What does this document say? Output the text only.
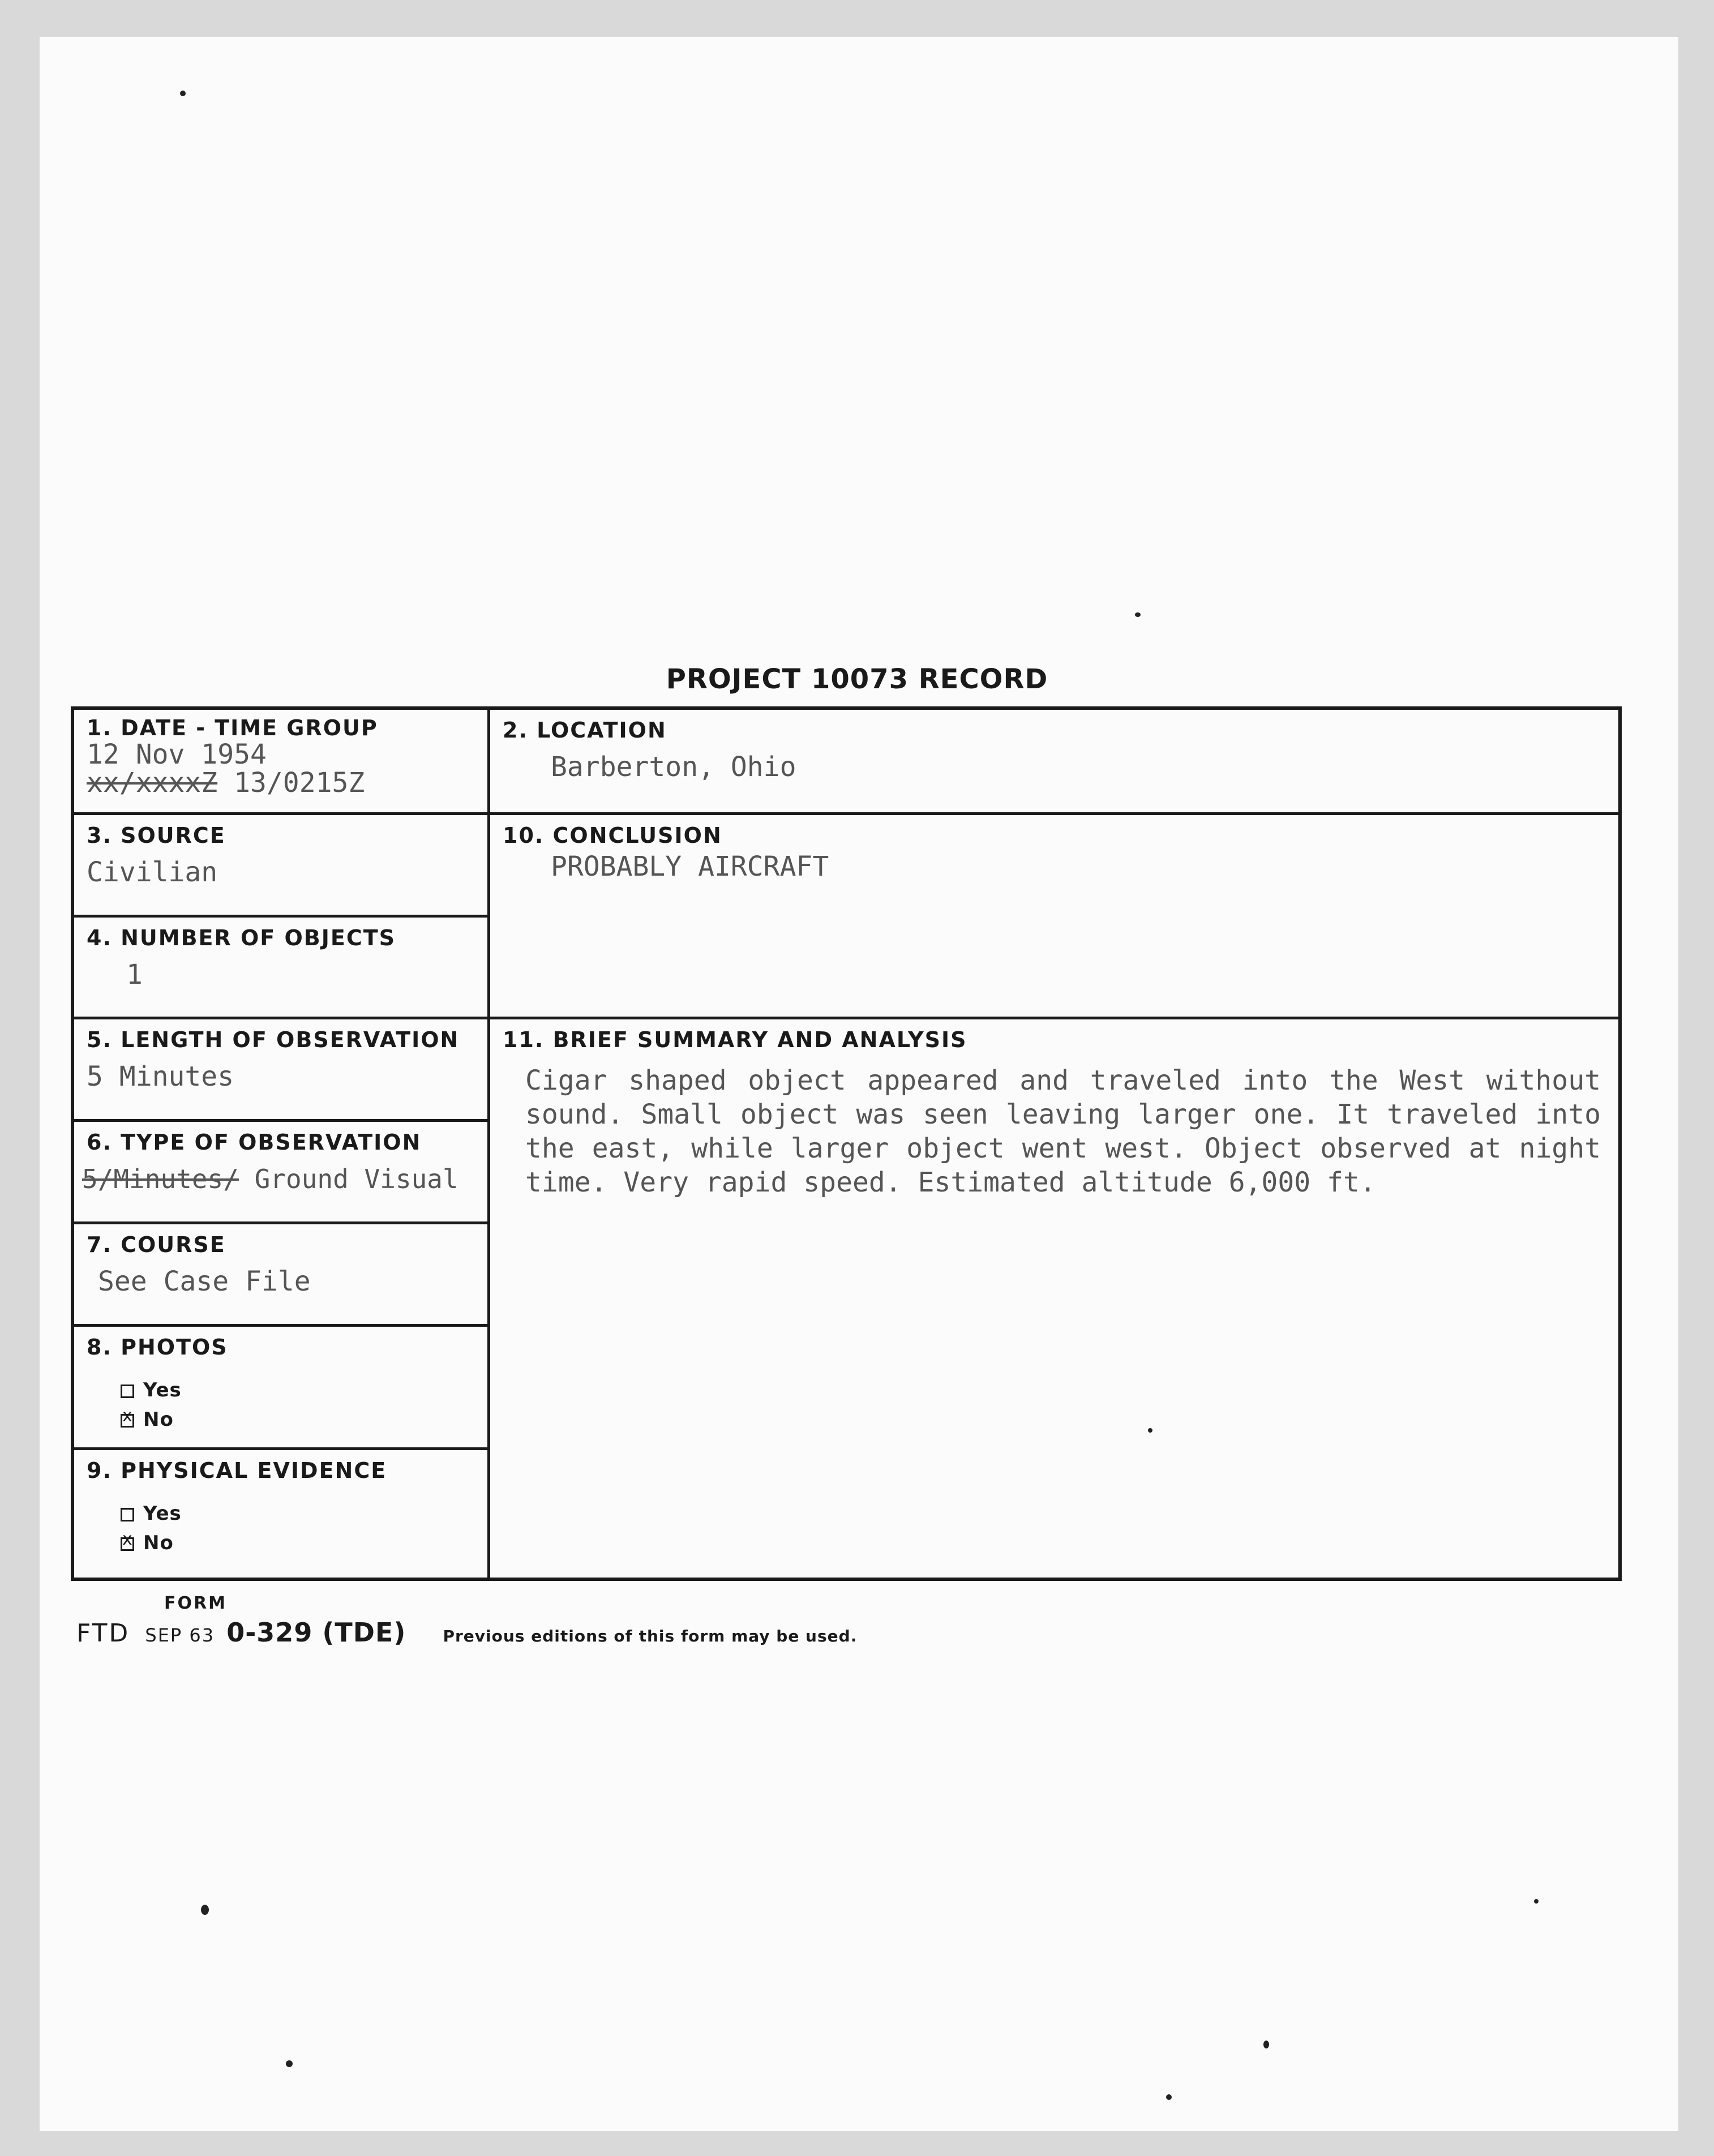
PROJECT 10073 RECORD
1. DATE - TIME GROUP
12 Nov 1954
xx/xxxxZ 13/0215Z
2. LOCATION
Barberton, Ohio
3. SOURCE
Civilian
10. CONCLUSION
PROBABLY AIRCRAFT
4. NUMBER OF OBJECTS
1
5. LENGTH OF OBSERVATION
5 Minutes
11. BRIEF SUMMARY AND ANALYSIS

Cigar shaped object appeared and traveled into the West without sound. Small object was seen leaving larger one. It traveled into the east, while larger object went west. Object observed at night time. Very rapid speed. Estimated altitude 6,000 ft.

6. TYPE OF OBSERVATION
5/Minutes/ Ground Visual
7. COURSE
See Case File
8. PHOTOS
Yes
xNo
9. PHYSICAL EVIDENCE
Yes
xNo
FORM
FTD SEP 63 0-329 (TDE) Previous editions of this form may be used.
